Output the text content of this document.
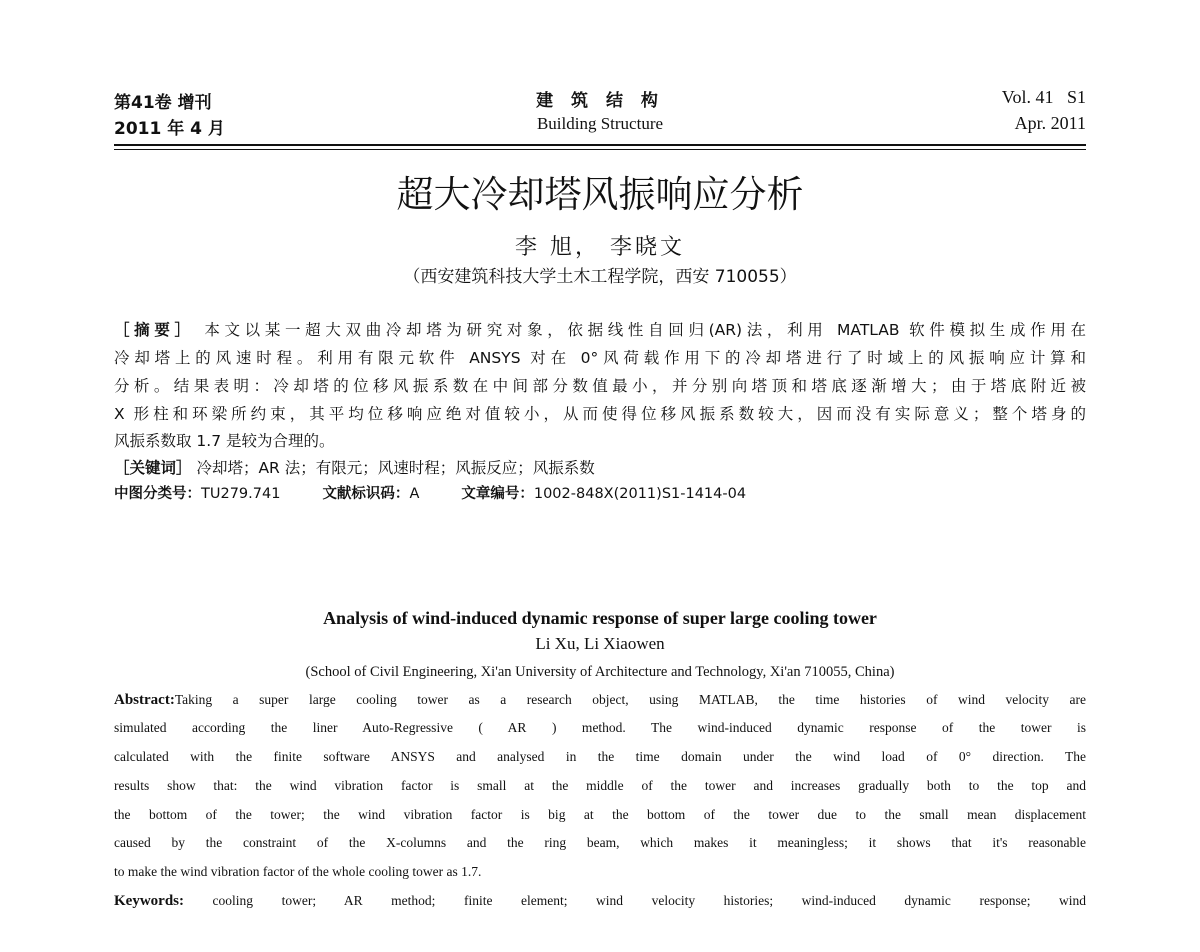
第41卷 增刊
2011 年 4 月
建 筑 结 构
Building Structure
Vol. 41   S1
Apr. 2011
超大冷却塔风振响应分析
李 旭， 李晓文
（西安建筑科技大学土木工程学院，西安 710055）
［摘要］ 本文以某一超大双曲冷却塔为研究对象，依据线性自回归(AR)法，利用 MATLAB 软件模拟生成作用在
冷却塔上的风速时程。利用有限元软件 ANSYS 对在 0°风荷载作用下的冷却塔进行了时域上的风振响应计算和
分析。结果表明：冷却塔的位移风振系数在中间部分数值最小，并分别向塔顶和塔底逐渐增大；由于塔底附近被
X 形柱和环梁所约束，其平均位移响应绝对值较小，从而使得位移风振系数较大，因而没有实际意义；整个塔身的
风振系数取 1.7 是较为合理的。
［关键词］ 冷却塔；AR 法；有限元；风速时程；风振反应；风振系数
中图分类号：TU279.741	文献标识码：A	文章编号：1002-848X(2011)S1-1414-04
Analysis of wind-induced dynamic response of super large cooling tower
Li Xu, Li Xiaowen
(School of Civil Engineering, Xi'an University of Architecture and Technology, Xi'an 710055, China)
Abstract:Taking a super large cooling tower as a research object, using MATLAB, the time histories of wind velocity are
simulated according the liner Auto-Regressive ( AR ) method. The wind-induced dynamic response of the tower is
calculated with the finite software ANSYS and analysed in the time domain under the wind load of 0° direction. The
results show that: the wind vibration factor is small at the middle of the tower and increases gradually both to the top and
the bottom of the tower; the wind vibration factor is big at the bottom of the tower due to the small mean displacement
caused by the constraint of the X-columns and the ring beam, which makes it meaningless; it shows that it's reasonable
to make the wind vibration factor of the whole cooling tower as 1.7.
Keywords: cooling tower; AR method; finite element; wind velocity histories; wind-induced dynamic response; wind
